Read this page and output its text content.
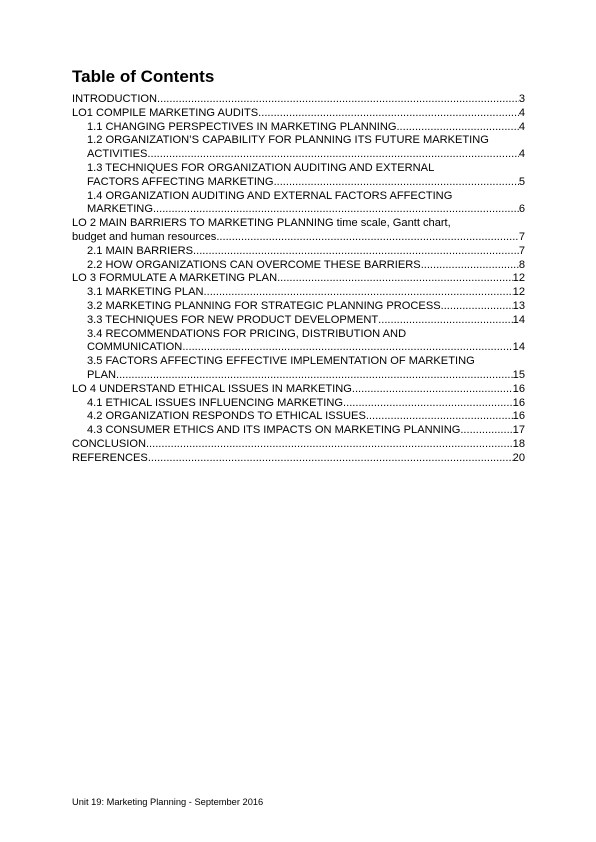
Table of Contents
INTRODUCTION .....	3
LO1 COMPILE MARKETING AUDITS .....	4
1.1 CHANGING PERSPECTIVES IN MARKETING PLANNING .....	4
1.2 ORGANIZATION’S CAPABILITY FOR PLANNING ITS FUTURE MARKETING
ACTIVITIES .....	4
1.3 TECHNIQUES FOR ORGANIZATION AUDITING AND EXTERNAL
FACTORS AFFECTING MARKETING .....	5
1.4 ORGANIZATION AUDITING AND EXTERNAL FACTORS AFFECTING
MARKETING .....	6
LO 2 MAIN BARRIERS TO MARKETING PLANNING time scale, Gantt chart,
budget and human resources .....	7
2.1 MAIN BARRIERS .....	7
2.2 HOW ORGANIZATIONS CAN OVERCOME THESE BARRIERS .....	8
LO 3 FORMULATE A MARKETING PLAN .....	12
3.1 MARKETING PLAN .....	12
3.2 MARKETING PLANNING FOR STRATEGIC PLANNING PROCESS .....	13
3.3 TECHNIQUES FOR NEW PRODUCT DEVELOPMENT .....	14
3.4 RECOMMENDATIONS FOR PRICING, DISTRIBUTION AND
COMMUNICATION .....	14
3.5 FACTORS AFFECTING EFFECTIVE IMPLEMENTATION OF MARKETING
PLAN .....	15
LO 4 UNDERSTAND ETHICAL ISSUES IN MARKETING .....	16
4.1 ETHICAL ISSUES INFLUENCING MARKETING .....	16
4.2 ORGANIZATION RESPONDS TO ETHICAL ISSUES .....	16
4.3 CONSUMER ETHICS AND ITS IMPACTS ON MARKETING PLANNING .....	17
CONCLUSION .....	18
REFERENCES .....	20
Unit 19: Marketing Planning - September 2016
